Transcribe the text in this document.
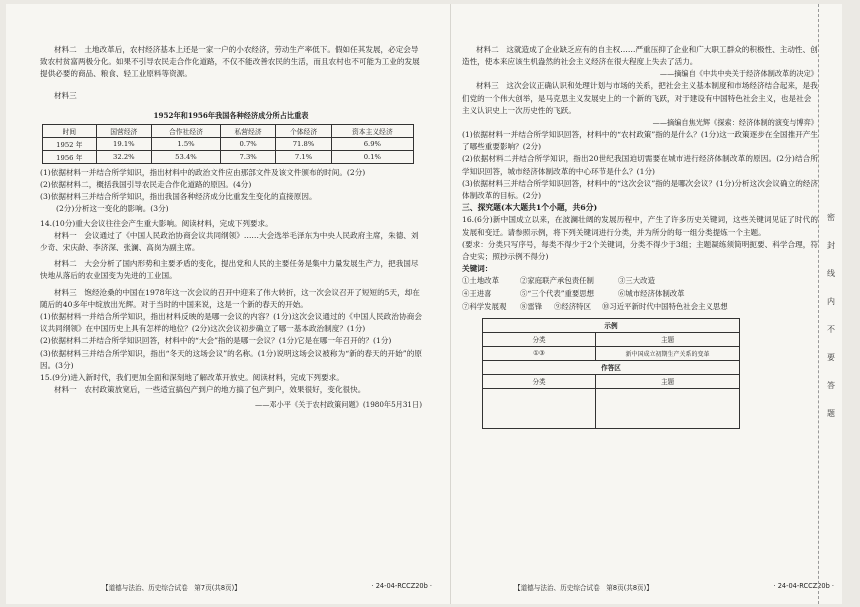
材料二　土地改革后，农村经济基本上还是一家一户的小农经济，劳动生产率低下。假如任其发展，必定会导致农村贫富两极分化。如果不引导农民走合作化道路，不仅不能改善农民的生活，而且农村也不可能为工业的发展提供必要的商品、粮食、轻工业原料等资源。
材料三
1952年和1956年我国各种经济成分所占比重表
时间	国营经济	合作社经济	私营经济	个体经济	资本主义经济
1952 年	19.1%	1.5%	0.7%	71.8%	6.9%
1956 年	32.2%	53.4%	7.3%	7.1%	0.1%
(1)依据材料一并结合所学知识，指出材料中的政治文件应由那部文件及该文件颁布的时间。(2分)
(2)依据材料二，概括我国引导农民走合作化道路的原因。(4分)
(3)依据材料三并结合所学知识，指出我国各种经济成分比重发生变化的直接原因。
(2分)分析这一变化的影响。(3分)
14.(10分)重大会议往往会产生重大影响。阅读材料，完成下列要求。
材料一　会议通过了《中国人民政治协商会议共同纲领》……大会选举毛泽东为中央人民政府主席，朱德、刘少奇、宋庆龄、李济深、张澜、高岗为副主席。
材料二　大会分析了国内形势和主要矛盾的变化，提出党和人民的主要任务是集中力量发展生产力，把我国尽快地从落后的农业国变为先进的工业国。
材料三　饱经沧桑的中国在1978年这一次会议的召开中迎来了伟大转折，这一次会议召开了短短的5天，却在随后的40多年中绽放出光辉。对于当时的中国来说，这是一个新的春天的开始。
(1)依据材料一并结合所学知识，指出材料反映的是哪一会议的内容？(1分)这次会议通过的《中国人民政治协商会议共同纲领》在中国历史上具有怎样的地位？(2分)这次会议初步确立了哪一基本政治制度？(1分)
(2)依据材料二并结合所学知识回答，材料中的“大会”指的是哪一会议？(1分)它是在哪一年召开的？(1分)
(3)依据材料三并结合所学知识，指出“冬天的这场会议”的名称。(1分)说明这场会议被称为“新的春天的开始”的原因。(3分)
15.(9分)进入新时代，我们更加全面和深刻地了解改革开放史。阅读材料，完成下列要求。
材料一　农村政策放宽后，一些适宜搞包产到户的地方搞了包产到户，效果很好，变化很快。
——邓小平《关于农村政策问题》(1980年5月31日)
【道德与法治、历史综合试卷　第7页(共8页)】	· 24-04-RCCZ20b ·
材料二　这就造成了企业缺乏应有的自主权……严重压抑了企业和广大职工群众的积极性、主动性、创造性，使本来应该生机盎然的社会主义经济在很大程度上失去了活力。
——摘编自《中共中央关于经济体制改革的决定》
材料三　这次会议正确认识和处理计划与市场的关系，把社会主义基本制度和市场经济结合起来，是我们党的一个伟大创举，是马克思主义发展史上的一个新的飞跃，对于建设有中国特色社会主义，也是社会主义认识史上一次历史性的飞跃。
——摘编自焦光辉《探索：经济体制的演变与博弈》
(1)依据材料一并结合所学知识回答，材料中的“农村政策”指的是什么？(1分)这一政策逐步在全国推开产生了哪些重要影响？(2分)
(2)依据材料二并结合所学知识，指出20世纪我国迫切需要在城市进行经济体制改革的原因。(2分)结合所学知识回答，城市经济体制改革的中心环节是什么？(1分)
(3)依据材料三并结合所学知识回答，材料中的“这次会议”指的是哪次会议？(1分)分析这次会议确立的经济体制改革的目标。(2分)
三、探究题(本大题共1个小题，共6分)
16.(6分)新中国成立以来，在波澜壮阔的发展历程中，产生了许多历史关键词，这些关键词见证了时代的发展和变迁。请参照示例，将下列关键词进行分类，并为所分的每一组分类提炼一个主题。
(要求：分类只写序号，每类不得少于2个关键词，分类不得少于3组；主题凝练须简明扼要、科学合理，符合史实；照抄示例不得分)
关键词：
①土地改革	②家庭联产承包责任制	③三大改造
④王进喜	⑤“三个代表”重要思想	⑥城市经济体制改革
⑦科学发展观	⑧雷锋	⑨经济特区	⑩习近平新时代中国特色社会主义思想
示例	
分类	主题
①③	新中国成立初期生产关系的变革
作答区	
分类	主题

【道德与法治、历史综合试卷　第8页(共8页)】	· 24-04-RCCZ20b ·
密
封
线
内
不
要
答
题
